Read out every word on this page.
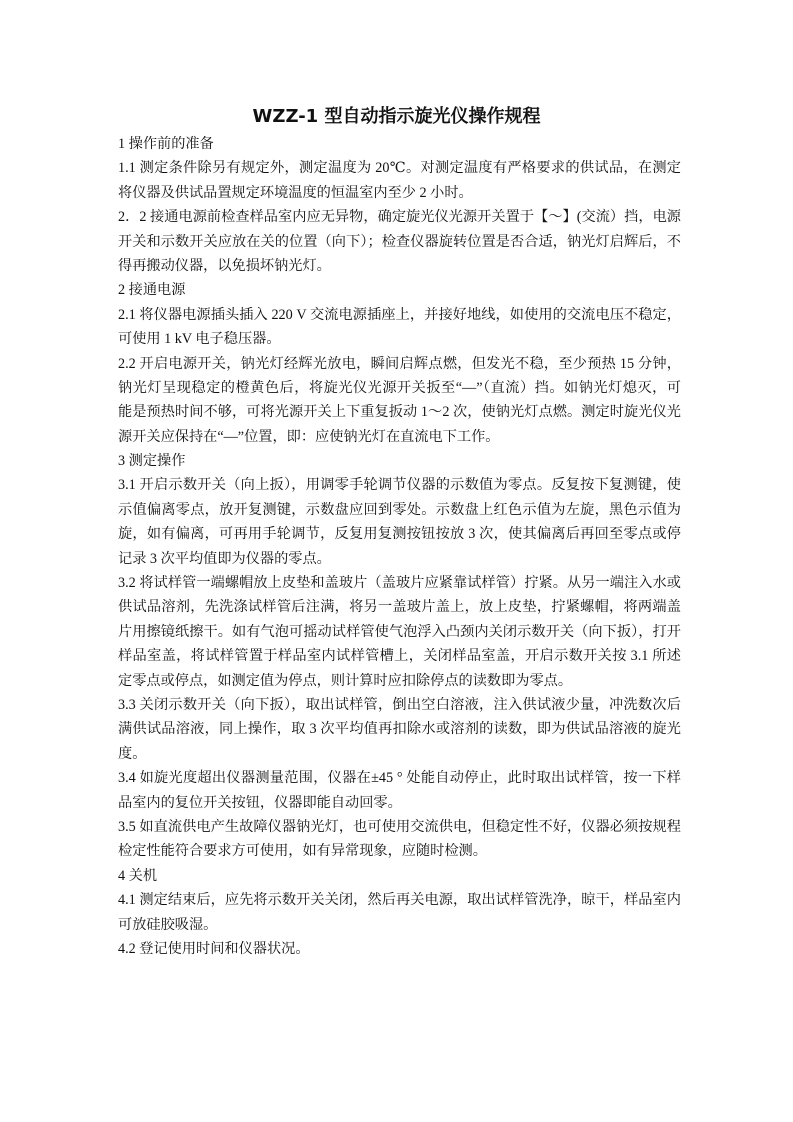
WZZ-1 型自动指示旋光仪操作规程
1 操作前的准备
1.1 测定条件除另有规定外，测定温度为 20℃。对测定温度有严格要求的供试品，在测定
将仪器及供试品置规定环境温度的恒温室内至少 2 小时。
2．2 接通电源前检查样品室内应无异物，确定旋光仪光源开关置于【～】(交流）挡，电源
开关和示数开关应放在关的位置（向下）；检查仪器旋转位置是否合适，钠光灯启辉后，不
得再搬动仪器，以免损坏钠光灯。
2 接通电源
2.1 将仪器电源插头插入 220 V 交流电源插座上，并接好地线，如使用的交流电压不稳定，
可使用 1 kV 电子稳压器。
2.2 开启电源开关，钠光灯经辉光放电，瞬间启辉点燃，但发光不稳，至少预热 15 分钟，
钠光灯呈现稳定的橙黄色后，将旋光仪光源开关扳至“—”（直流）挡。如钠光灯熄灭，可
能是预热时间不够，可将光源开关上下重复扳动 1～2 次，使钠光灯点燃。测定时旋光仪光
源开关应保持在“—”位置，即：应使钠光灯在直流电下工作。
3 测定操作
3.1 开启示数开关（向上扳），用调零手轮调节仪器的示数值为零点。反复按下复测键，使
示值偏离零点，放开复测键，示数盘应回到零处。示数盘上红色示值为左旋，黑色示值为
旋，如有偏离，可再用手轮调节，反复用复测按钮按放 3 次，使其偏离后再回至零点或停
记录 3 次平均值即为仪器的零点。
3.2 将试样管一端螺帽放上皮垫和盖玻片（盖玻片应紧靠试样管）拧紧。从另一端注入水或
供试品溶剂，先洗涤试样管后注满，将另一盖玻片盖上，放上皮垫，拧紧螺帽，将两端盖
片用擦镜纸擦干。如有气泡可摇动试样管使气泡浮入凸颈内关闭示数开关（向下扳），打开
样品室盖，将试样管置于样品室内试样管槽上，关闭样品室盖，开启示数开关按 3.1 所述
定零点或停点，如测定值为停点，则计算时应扣除停点的读数即为零点。
3.3 关闭示数开关（向下扳），取出试样管，倒出空白溶液，注入供试液少量，冲洗数次后
满供试品溶液，同上操作，取 3 次平均值再扣除水或溶剂的读数，即为供试品溶液的旋光
度。
3.4 如旋光度超出仪器测量范围，仪器在±45 ° 处能自动停止，此时取出试样管，按一下样
品室内的复位开关按钮，仪器即能自动回零。
3.5 如直流供电产生故障仪器钠光灯，也可使用交流供电，但稳定性不好，仪器必须按规程
检定性能符合要求方可使用，如有异常现象，应随时检测。
4 关机
4.1 测定结束后，应先将示数开关关闭，然后再关电源，取出试样管洗净，晾干，样品室内
可放硅胶吸湿。
4.2 登记使用时间和仪器状况。
